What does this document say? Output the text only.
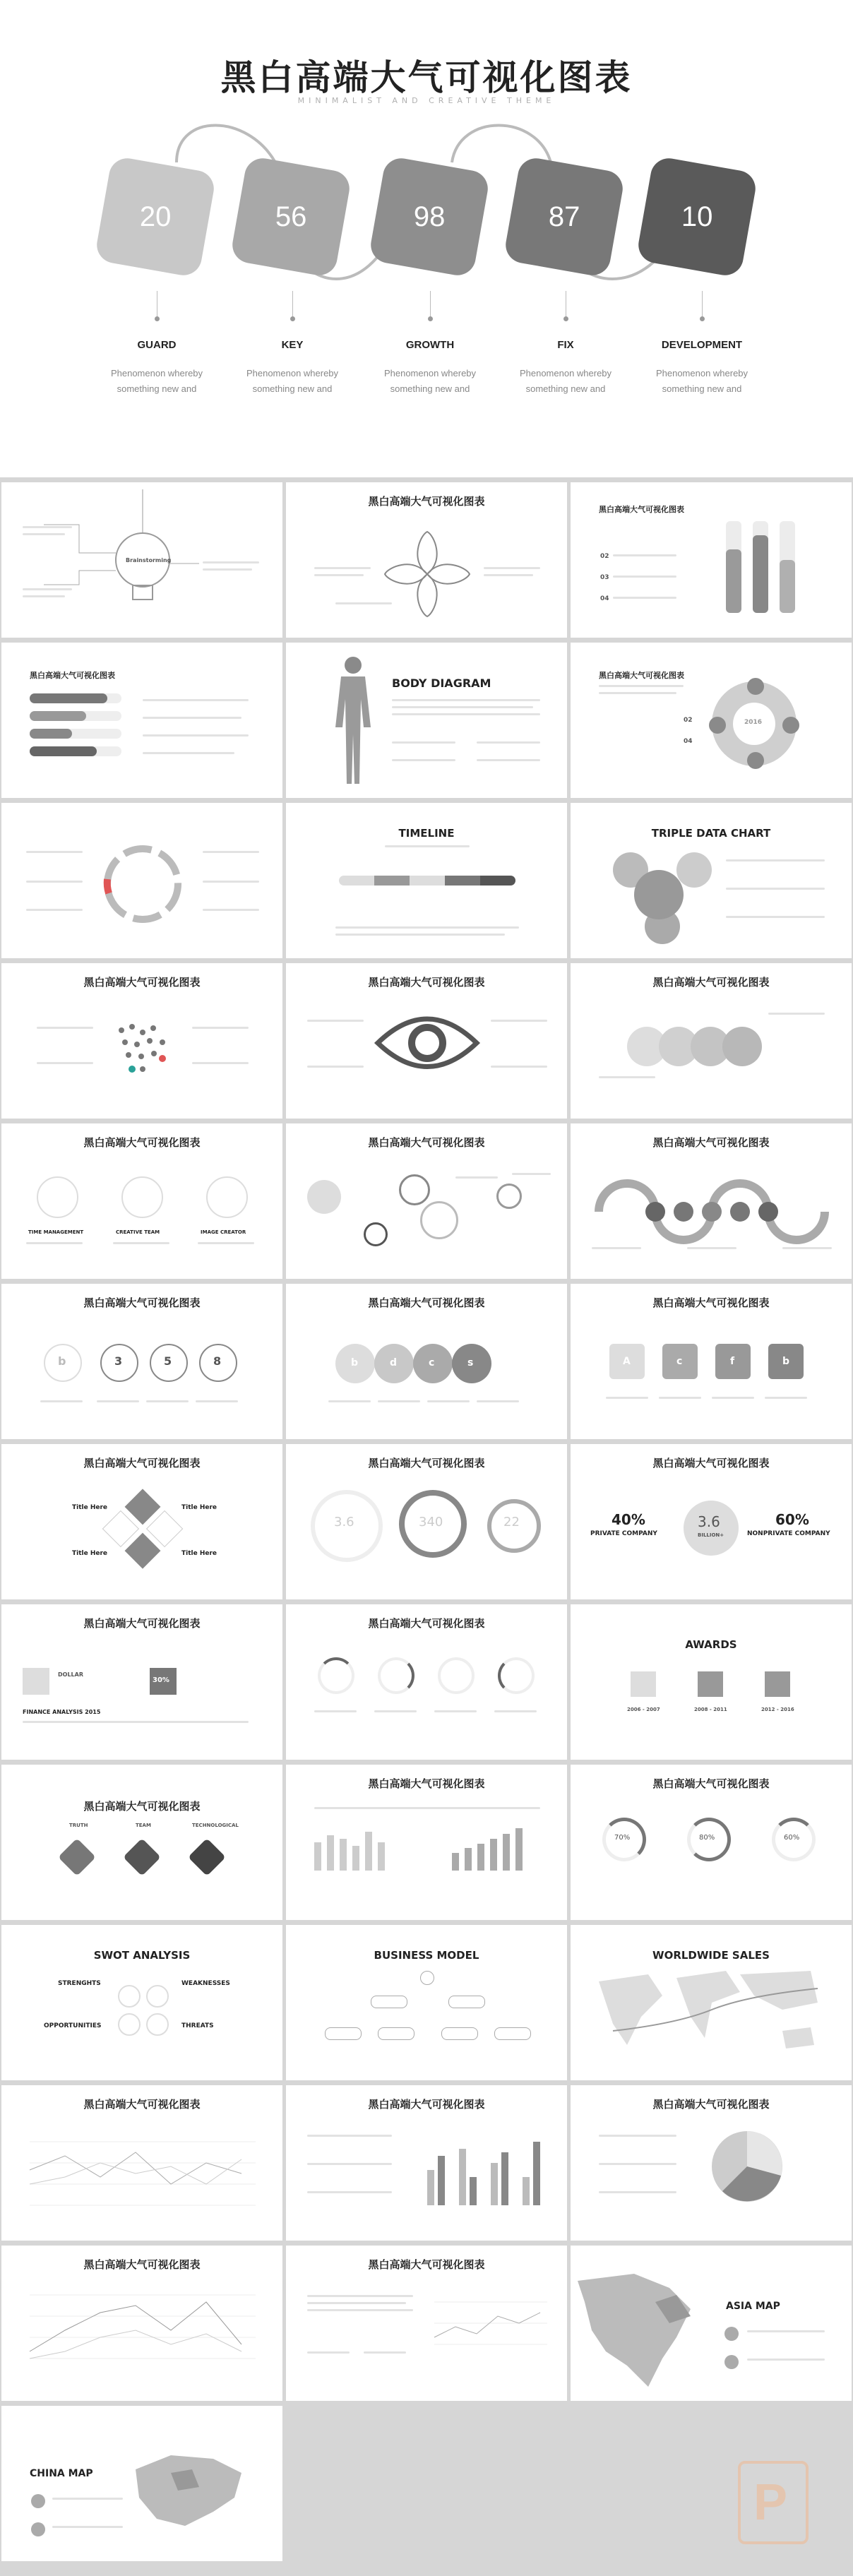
黑白高端大气可视化图表
MINIMALIST AND CREATIVE THEME
20	56	98	87	10
GUARD	KEY	GROWTH	FIX	DEVELOPMENT
Phenomenon whereby
something new and
Phenomenon whereby
something new and
Phenomenon whereby
something new and
Phenomenon whereby
something new and
Phenomenon whereby
something new and
Brainstorming
黑白高端大气可视化图表
黑白高端大气可视化图表
02
03
04
黑白高端大气可视化图表
BODY DIAGRAM
黑白高端大气可视化图表
02
04
2016
TIMELINE	TRIPLE DATA CHART
黑白高端大气可视化图表	黑白高端大气可视化图表	黑白高端大气可视化图表
黑白高端大气可视化图表
TIME MANAGEMENT	CREATIVE TEAM	IMAGE CREATOR
黑白高端大气可视化图表	黑白高端大气可视化图表
黑白高端大气可视化图表
b	3	5	8
黑白高端大气可视化图表
b	d	c	s
黑白高端大气可视化图表
A	c	f	b
黑白高端大气可视化图表
Title Here	Title Here
Title Here	Title Here
黑白高端大气可视化图表
3.6	340	22
黑白高端大气可视化图表
40%
PRIVATE COMPANY
3.6
BILLION+
60%
NONPRIVATE COMPANY
黑白高端大气可视化图表
DOLLAR
30%
FINANCE ANALYSIS 2015
黑白高端大气可视化图表
AWARDS
2006 - 2007	2008 - 2011	2012 - 2016
黑白高端大气可视化图表
TRUTH	TEAM	TECHNOLOGICAL
黑白高端大气可视化图表	黑白高端大气可视化图表
70%	80%	60%
SWOT ANALYSIS
STRENGHTS	WEAKNESSES
OPPORTUNITIES	THREATS
BUSINESS MODEL	WORLDWIDE SALES
黑白高端大气可视化图表	黑白高端大气可视化图表	黑白高端大气可视化图表
黑白高端大气可视化图表	黑白高端大气可视化图表
ASIA MAP
CHINA MAP
P
